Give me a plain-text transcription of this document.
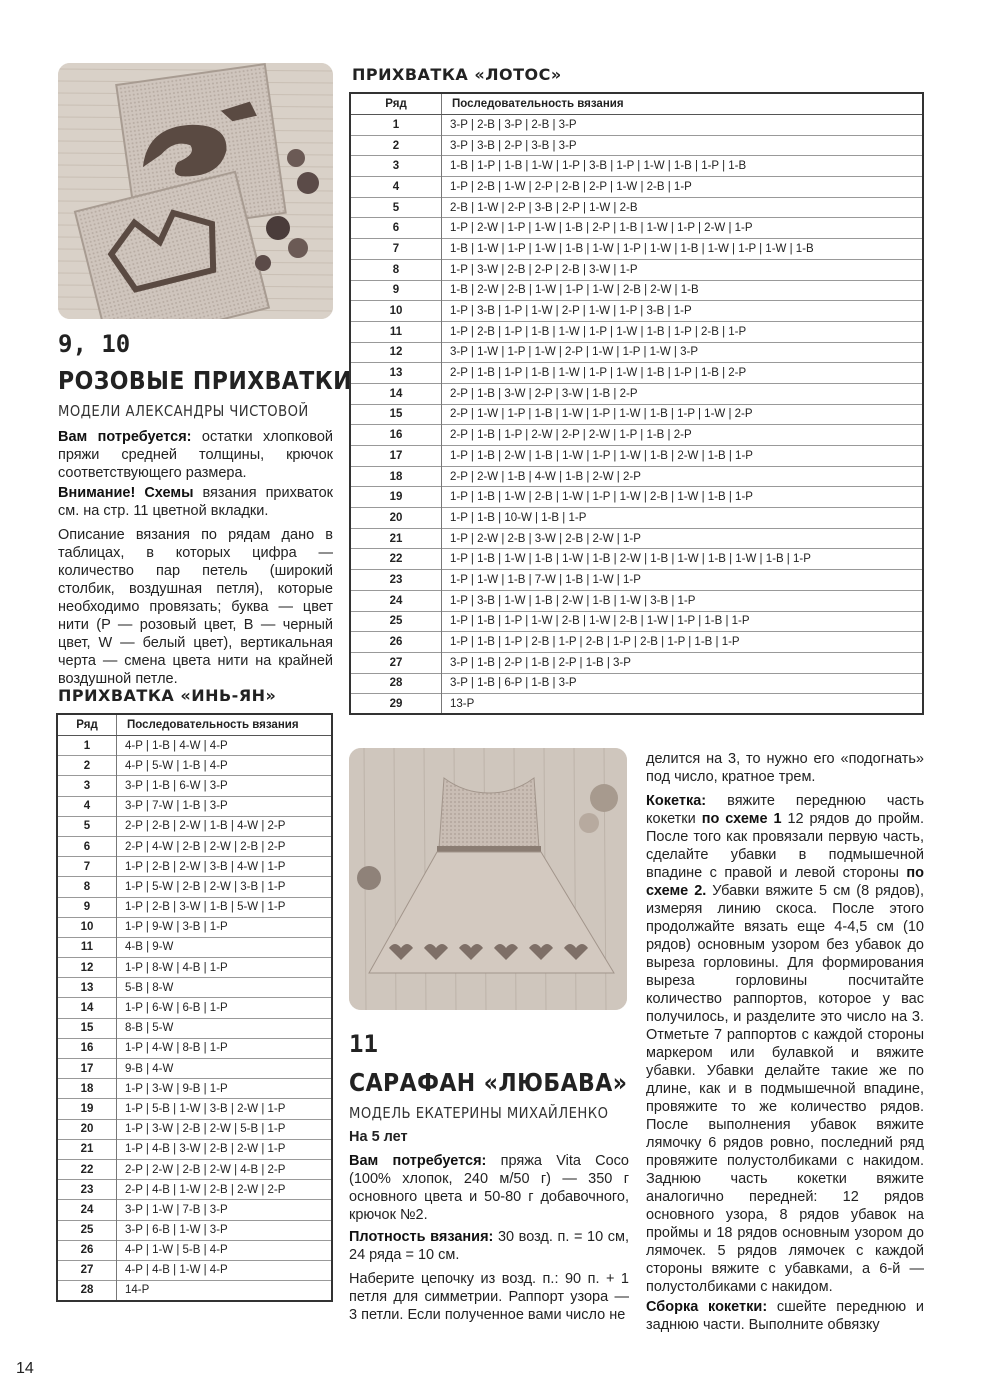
9, 10
РОЗОВЫЕ ПРИХВАТКИ
МОДЕЛИ АЛЕКСАНДРЫ ЧИСТОВОЙ
Вам потребуется: остатки хлопковой пряжи средней толщины, крючок соответствующего размера.
Внимание! Схемы вязания прихваток см. на стр. 11 цветной вкладки.
Описание вязания по рядам дано в таблицах, в которых цифра — количество пар петель (широкий столбик, воздушная петля), которые необходимо провязать; буква — цвет нити (P — розовый цвет, B — черный цвет, W — белый цвет), вертикальная черта — смена цвета нити на крайней воздушной петле.
ПРИХВАТКА «ИНЬ-ЯН»
Ряд	Последовательность вязания
1	4-P | 1-B | 4-W | 4-P
2	4-P | 5-W | 1-B | 4-P
3	3-P | 1-B | 6-W | 3-P
4	3-P | 7-W | 1-B | 3-P
5	2-P | 2-B | 2-W | 1-B | 4-W | 2-P
6	2-P | 4-W | 2-B | 2-W | 2-B | 2-P
7	1-P | 2-B | 2-W | 3-B | 4-W | 1-P
8	1-P | 5-W | 2-B | 2-W | 3-B | 1-P
9	1-P | 2-B | 3-W | 1-B | 5-W | 1-P
10	1-P | 9-W | 3-B | 1-P
11	4-B | 9-W
12	1-P | 8-W | 4-B | 1-P
13	5-B | 8-W
14	1-P | 6-W | 6-B | 1-P
15	8-B | 5-W
16	1-P | 4-W | 8-B | 1-P
17	9-B | 4-W
18	1-P | 3-W | 9-B | 1-P
19	1-P | 5-B | 1-W | 3-B | 2-W | 1-P
20	1-P | 3-W | 2-B | 2-W | 5-B | 1-P
21	1-P | 4-B | 3-W | 2-B | 2-W | 1-P
22	2-P | 2-W | 2-B | 2-W | 4-B | 2-P
23	2-P | 4-B | 1-W | 2-B | 2-W | 2-P
24	3-P | 1-W | 7-B | 3-P
25	3-P | 6-B | 1-W | 3-P
26	4-P | 1-W | 5-B | 4-P
27	4-P | 4-B | 1-W | 4-P
28	14-P
ПРИХВАТКА «ЛОТОС»
Ряд	Последовательность вязания
1	3-P | 2-B | 3-P | 2-B | 3-P
2	3-P | 3-B | 2-P | 3-B | 3-P
3	1-B | 1-P | 1-B | 1-W | 1-P | 3-B | 1-P | 1-W | 1-B | 1-P | 1-B
4	1-P | 2-B | 1-W | 2-P | 2-B | 2-P | 1-W | 2-B | 1-P
5	2-B | 1-W | 2-P | 3-B | 2-P | 1-W | 2-B
6	1-P | 2-W | 1-P | 1-W | 1-B | 2-P | 1-B | 1-W | 1-P | 2-W | 1-P
7	1-B | 1-W | 1-P | 1-W | 1-B | 1-W | 1-P | 1-W | 1-B | 1-W | 1-P | 1-W | 1-B
8	1-P | 3-W | 2-B | 2-P | 2-B | 3-W | 1-P
9	1-B | 2-W | 2-B | 1-W | 1-P | 1-W | 2-B | 2-W | 1-B
10	1-P | 3-B | 1-P | 1-W | 2-P | 1-W | 1-P | 3-B | 1-P
11	1-P | 2-B | 1-P | 1-B | 1-W | 1-P | 1-W | 1-B | 1-P | 2-B | 1-P
12	3-P | 1-W | 1-P | 1-W | 2-P | 1-W | 1-P | 1-W | 3-P
13	2-P | 1-B | 1-P | 1-B | 1-W | 1-P | 1-W | 1-B | 1-P | 1-B | 2-P
14	2-P | 1-B | 3-W | 2-P | 3-W | 1-B | 2-P
15	2-P | 1-W | 1-P | 1-B | 1-W | 1-P | 1-W | 1-B | 1-P | 1-W | 2-P
16	2-P | 1-B | 1-P | 2-W | 2-P | 2-W | 1-P | 1-B | 2-P
17	1-P | 1-B | 2-W | 1-B | 1-W | 1-P | 1-W | 1-B | 2-W | 1-B | 1-P
18	2-P | 2-W | 1-B | 4-W | 1-B | 2-W | 2-P
19	1-P | 1-B | 1-W | 2-B | 1-W | 1-P | 1-W | 2-B | 1-W | 1-B | 1-P
20	1-P | 1-B | 10-W | 1-B | 1-P
21	1-P | 2-W | 2-B | 3-W | 2-B | 2-W | 1-P
22	1-P | 1-B | 1-W | 1-B | 1-W | 1-B | 2-W | 1-B | 1-W | 1-B | 1-W | 1-B | 1-P
23	1-P | 1-W | 1-B | 7-W | 1-B | 1-W | 1-P
24	1-P | 3-B | 1-W | 1-B | 2-W | 1-B | 1-W | 3-B | 1-P
25	1-P | 1-B | 1-P | 1-W | 2-B | 1-W | 2-B | 1-W | 1-P | 1-B | 1-P
26	1-P | 1-B | 1-P | 2-B | 1-P | 2-B | 1-P | 2-B | 1-P | 1-B | 1-P
27	3-P | 1-B | 2-P | 1-B | 2-P | 1-B | 3-P
28	3-P | 1-B | 6-P | 1-B | 3-P
29	13-P
11
САРАФАН «ЛЮБАВА»
МОДЕЛЬ ЕКАТЕРИНЫ МИХАЙЛЕНКО
На 5 лет
Вам потребуется: пряжа Vita Coco (100% хлопок, 240 м/50 г) — 350 г основного цвета и 50-80 г добавочного, крючок №2.
Плотность вязания: 30 возд. п. = 10 см, 24 ряда = 10 см.
Наберите цепочку из возд. п.: 90 п. + 1 петля для симметрии. Раппорт узора — 3 петли. Если полученное вами число не
делится на 3, то нужно его «подогнать» под число, кратное трем.
Кокетка: вяжите переднюю часть кокетки по схеме 1 12 рядов до пройм. После того как провязали первую часть, сделайте убавки в подмышечной впадине с правой и левой стороны по схеме 2. Убавки вяжите 5 см (8 рядов), измеряя линию скоса. После этого продолжайте вязать еще 4-4,5 см (10 рядов) основным узором без убавок до выреза горловины. Для формирования выреза горловины посчитайте количество раппортов, которое у вас получилось, и разделите это число на 3. Отметьте 7 раппортов с каждой стороны маркером или булавкой и вяжите убавки. Убавки делайте такие же по длине, как и в подмышечной впадине, провяжите то же количество рядов. После выполнения убавок вяжите лямочку 6 рядов ровно, последний ряд провяжите полустолбиками с накидом. Заднюю часть кокетки вяжите аналогично передней: 12 рядов основного узора, 8 рядов убавок на проймы и 18 рядов основным узором до лямочек. 5 рядов лямочек с каждой стороны вяжите с убавками, а 6-й — полустолбиками с накидом.
Сборка кокетки: сшейте переднюю и заднюю части. Выполните обвязку
14
